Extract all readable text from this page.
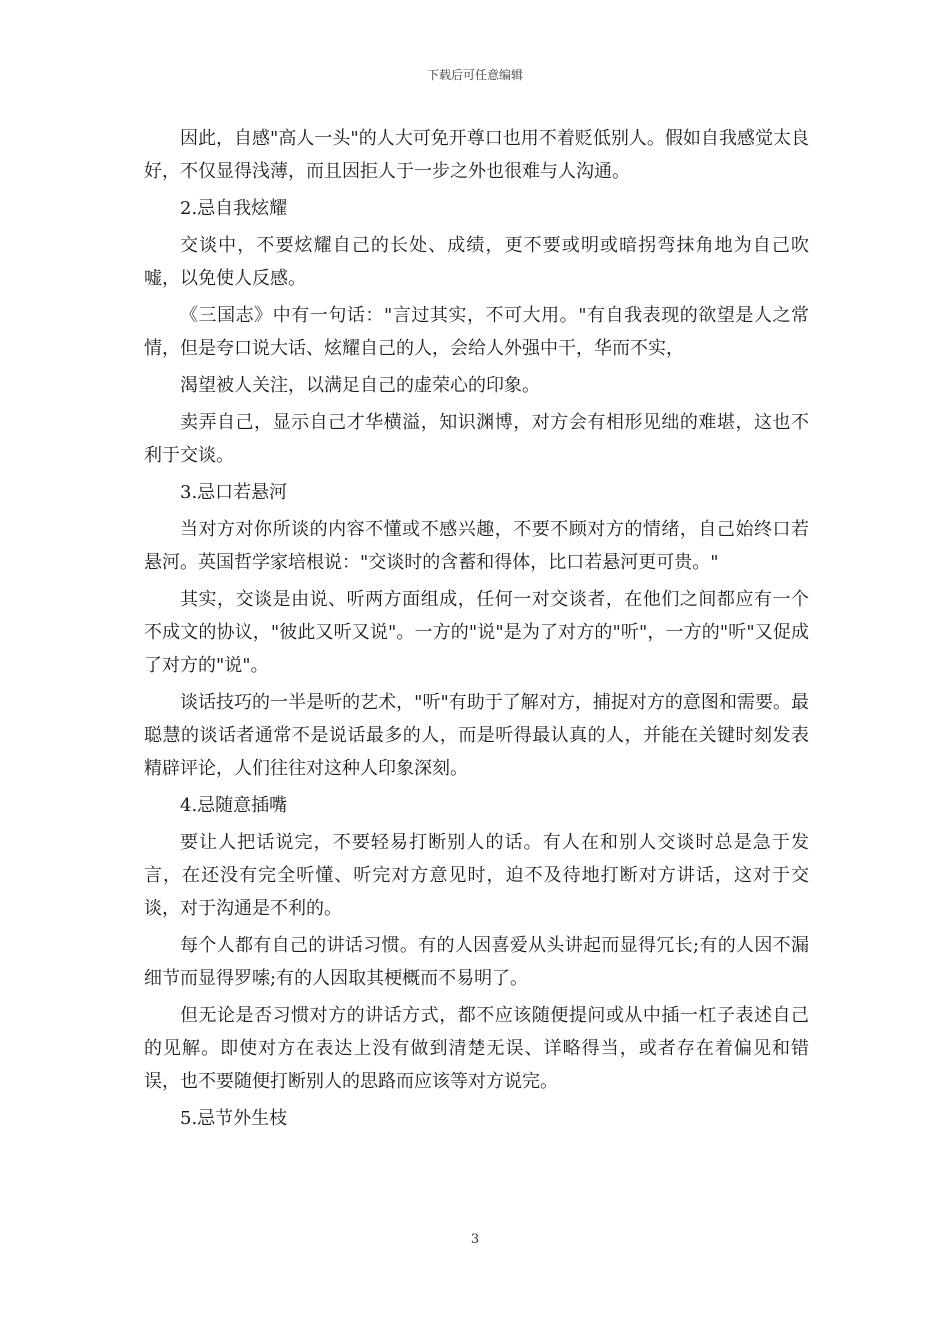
下载后可任意编辑

因此，自感"高人一头"的人大可免开尊口也用不着贬低别人。假如自我感觉太良好，不仅显得浅薄，而且因拒人于一步之外也很难与人沟通。

2.忌自我炫耀

交谈中，不要炫耀自己的长处、成绩，更不要或明或暗拐弯抹角地为自己吹嘘，以免使人反感。

《三国志》中有一句话："言过其实，不可大用。"有自我表现的欲望是人之常情，但是夸口说大话、炫耀自己的人，会给人外强中干，华而不实，

渴望被人关注，以满足自己的虚荣心的印象。

卖弄自己，显示自己才华横溢，知识渊博，对方会有相形见绌的难堪，这也不利于交谈。

3.忌口若悬河

当对方对你所谈的内容不懂或不感兴趣，不要不顾对方的情绪，自己始终口若悬河。英国哲学家培根说："交谈时的含蓄和得体，比口若悬河更可贵。"

其实，交谈是由说、听两方面组成，任何一对交谈者，在他们之间都应有一个不成文的协议，"彼此又听又说"。一方的"说"是为了对方的"听"，一方的"听"又促成了对方的"说"。

谈话技巧的一半是听的艺术，"听"有助于了解对方，捕捉对方的意图和需要。最聪慧的谈话者通常不是说话最多的人，而是听得最认真的人，并能在关键时刻发表精辟评论，人们往往对这种人印象深刻。

4.忌随意插嘴

要让人把话说完，不要轻易打断别人的话。有人在和别人交谈时总是急于发言，在还没有完全听懂、听完对方意见时，迫不及待地打断对方讲话，这对于交谈，对于沟通是不利的。

每个人都有自己的讲话习惯。有的人因喜爱从头讲起而显得冗长;有的人因不漏细节而显得罗嗦;有的人因取其梗概而不易明了。

但无论是否习惯对方的讲话方式，都不应该随便提问或从中插一杠子表述自己的见解。即使对方在表达上没有做到清楚无误、详略得当，或者存在着偏见和错误，也不要随便打断别人的思路而应该等对方说完。

5.忌节外生枝

3
